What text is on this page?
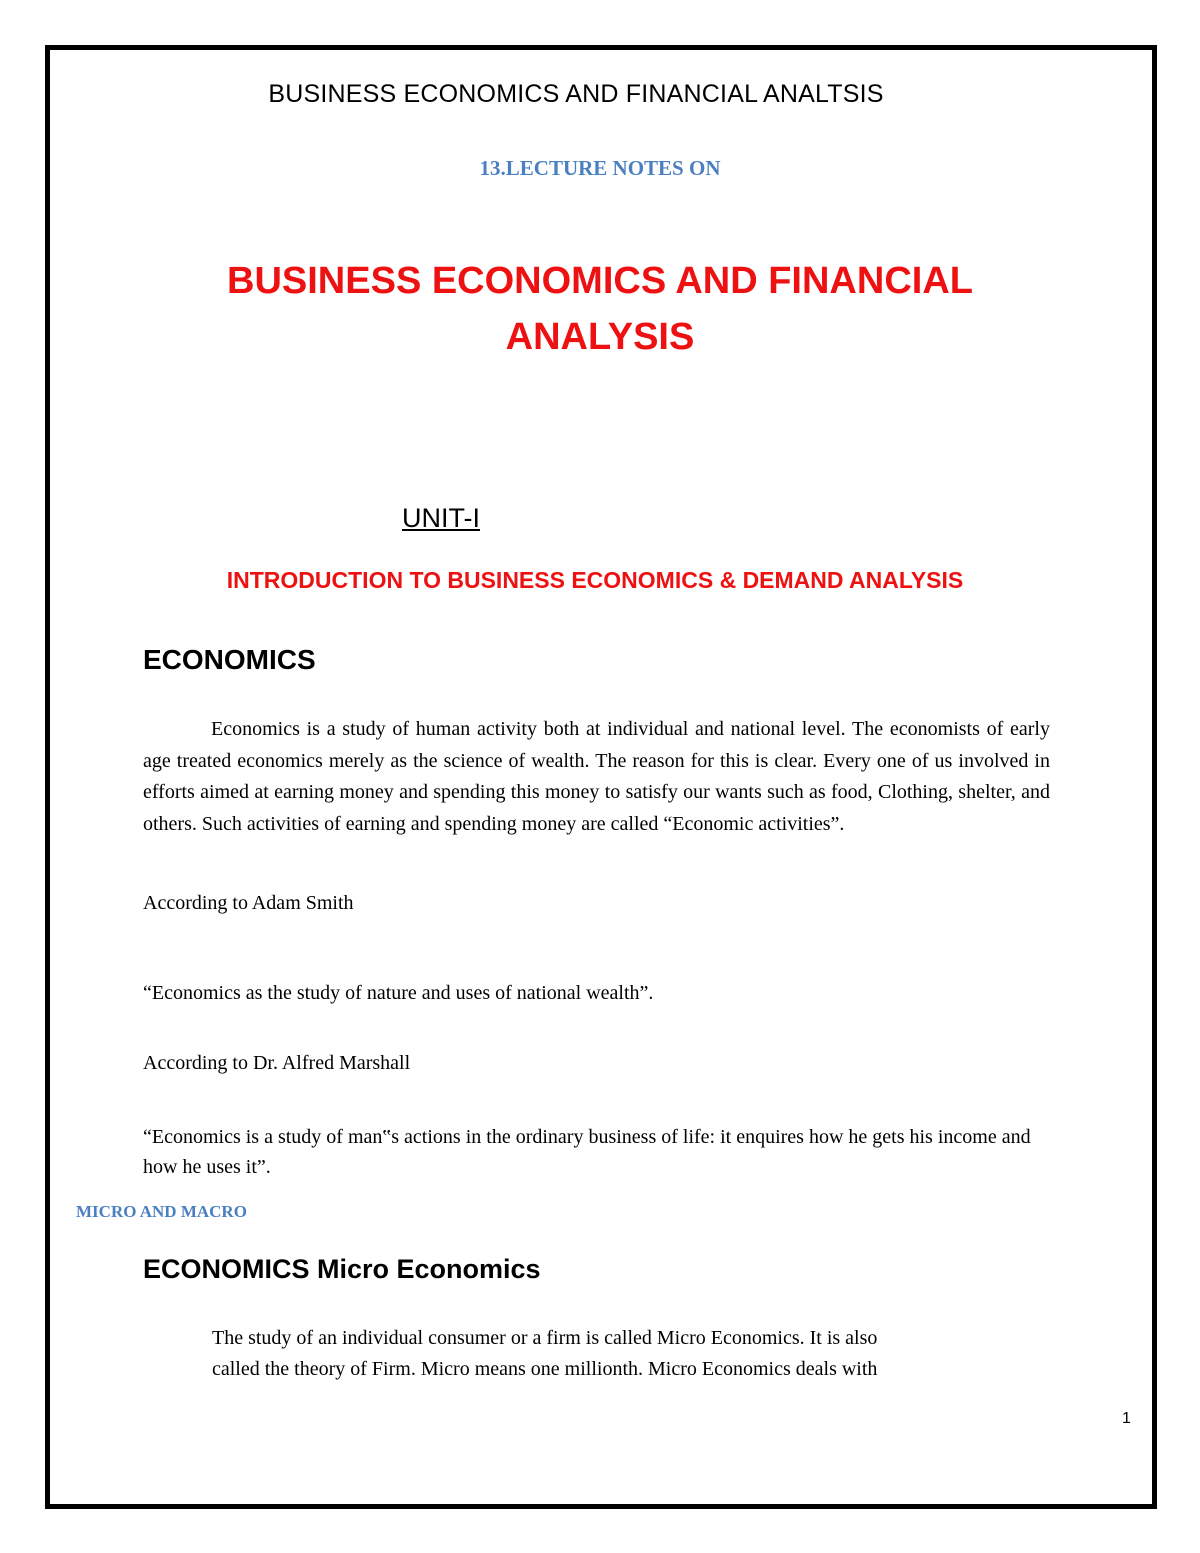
BUSINESS ECONOMICS AND FINANCIAL ANALTSIS

13.LECTURE NOTES ON

BUSINESS ECONOMICS AND FINANCIAL
ANALYSIS

UNIT-I

INTRODUCTION TO BUSINESS ECONOMICS & DEMAND ANALYSIS

ECONOMICS

Economics is a study of human activity both at individual and national level. The economists of early age treated economics merely as the science of wealth. The reason for this is clear. Every one of us involved in efforts aimed at earning money and spending this money to satisfy our wants such as food, Clothing, shelter, and others. Such activities of earning and spending money are called “Economic activities”.

According to Adam Smith

“Economics as the study of nature and uses of national wealth”.

According to Dr. Alfred Marshall

“Economics is a study of man‟s actions in the ordinary business of life: it enquires how he gets his income and how he uses it”.

MICRO AND MACRO

ECONOMICS Micro Economics

The study of an individual consumer or a firm is called Micro Economics. It is also
called the theory of Firm. Micro means one millionth. Micro Economics deals with

1
